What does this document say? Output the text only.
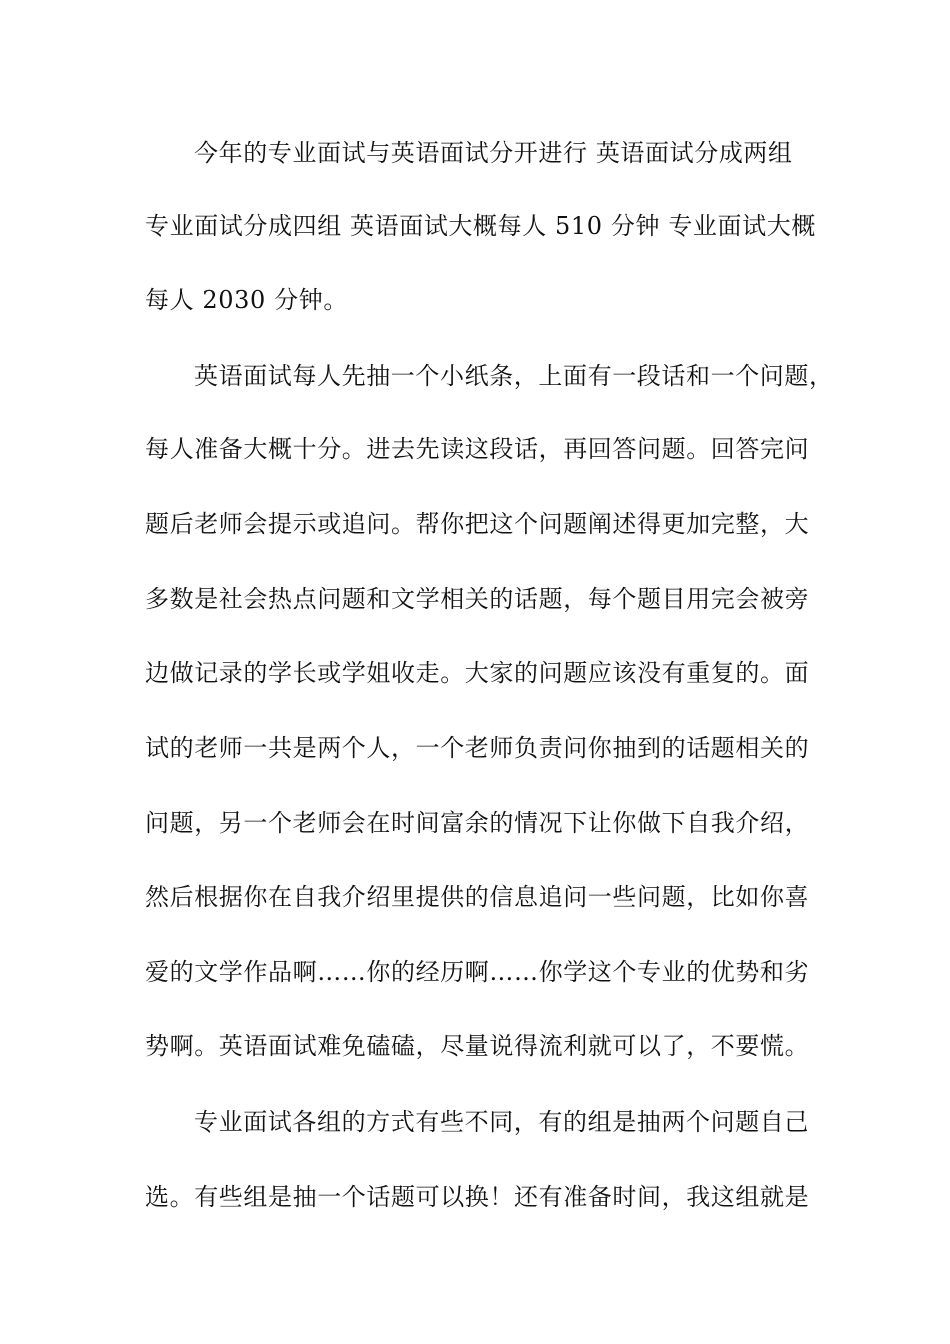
今年的专业面试与英语面试分开进行 英语面试分成两组
专业面试分成四组 英语面试大概每人 510 分钟 专业面试大概
每人 2030 分钟。
英语面试每人先抽一个小纸条，上面有一段话和一个问题，
每人准备大概十分。进去先读这段话，再回答问题。回答完问
题后老师会提示或追问。帮你把这个问题阐述得更加完整，大
多数是社会热点问题和文学相关的话题，每个题目用完会被旁
边做记录的学长或学姐收走。大家的问题应该没有重复的。面
试的老师一共是两个人，一个老师负责问你抽到的话题相关的
问题，另一个老师会在时间富余的情况下让你做下自我介绍，
然后根据你在自我介绍里提供的信息追问一些问题，比如你喜
爱的文学作品啊……你的经历啊……你学这个专业的优势和劣
势啊。英语面试难免磕磕，尽量说得流利就可以了，不要慌。
专业面试各组的方式有些不同，有的组是抽两个问题自己
选。有些组是抽一个话题可以换！还有准备时间，我这组就是
